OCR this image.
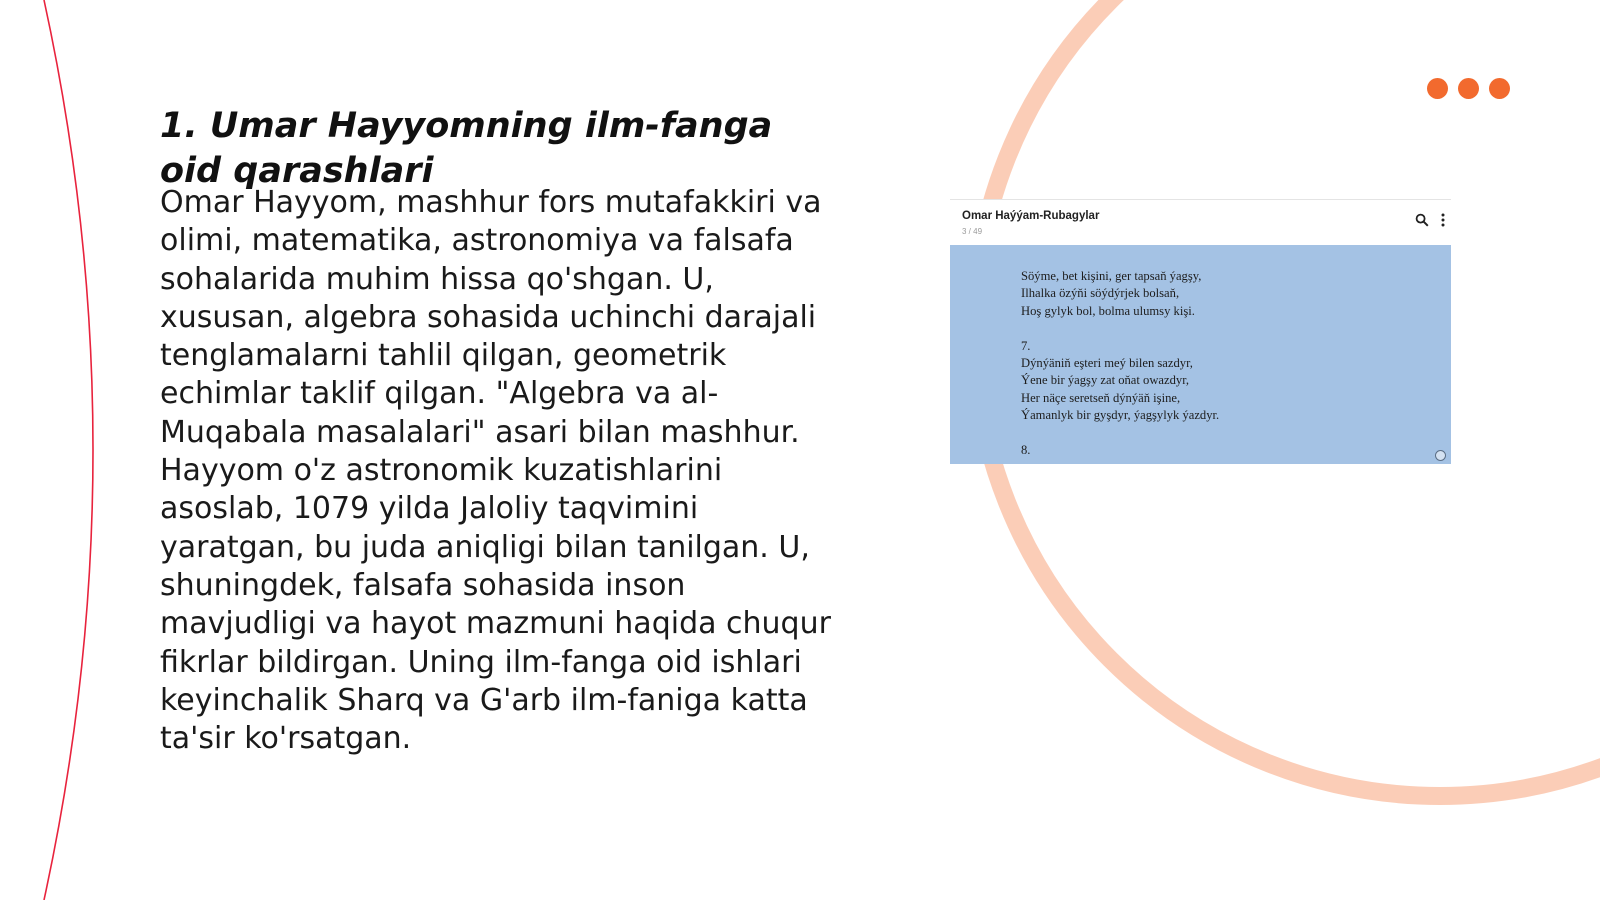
1. Umar Hayyomning ilm-fanga oid qarashlari

Omar Hayyom, mashhur fors mutafakkiri va olimi, matematika, astronomiya va falsafa sohalarida muhim hissa qo'shgan. U, xususan, algebra sohasida uchinchi darajali tenglamalarni tahlil qilgan, geometrik echimlar taklif qilgan. "Algebra va al-Muqabala masalalari" asari bilan mashhur. Hayyom o'z astronomik kuzatishlarini asoslab, 1079 yilda Jaloliy taqvimini yaratgan, bu juda aniqligi bilan tanilgan. U, shuningdek, falsafa sohasida inson mavjudligi va hayot mazmuni haqida chuqur fikrlar bildirgan. Uning ilm-fanga oid ishlari keyinchalik Sharq va G'arb ilm-faniga katta ta'sir ko'rsatgan.

Omar Haýýam-Rubagylar
3 / 49
Söýme, bet kişini, ger tapsaň ýagşy,
Ilhalka özýňi söýdýrjek bolsaň,
Hoş gylyk bol, bolma ulumsy kişi.
7.
Dýnýäniň eşteri meý bilen sazdyr,
Ýene bir ýagşy zat oňat owazdyr,
Her näçe seretseň dýnýäň işine,
Ýamanlyk bir gyşdyr, ýagşylyk ýazdyr.
8.
